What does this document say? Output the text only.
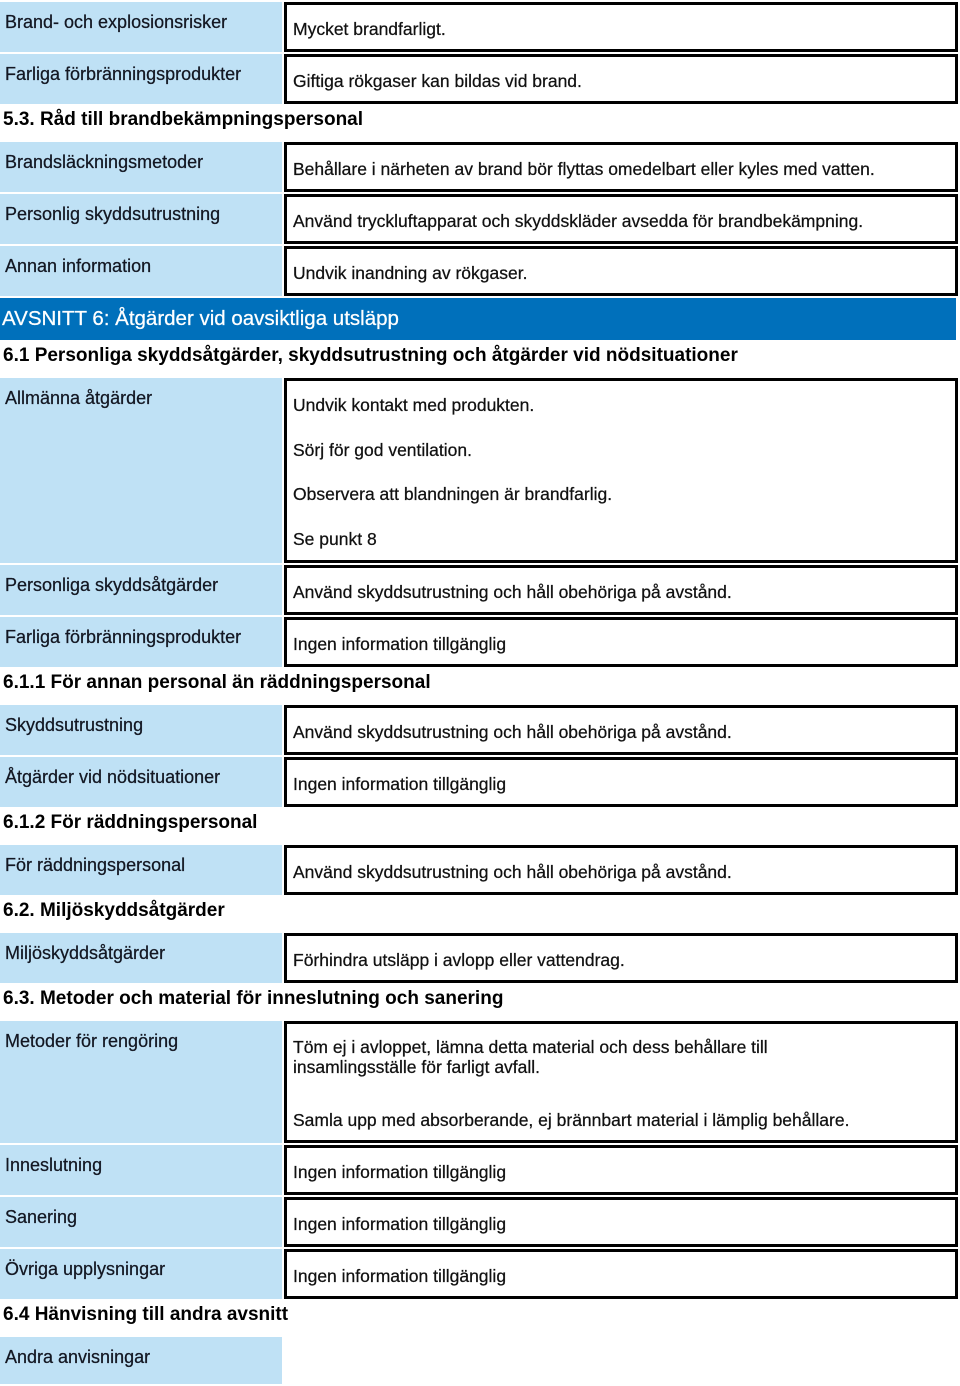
Brand- och explosionsrisker	Mycket brandfarligt.
Farliga förbränningsprodukter	Giftiga rökgaser kan bildas vid brand.
5.3. Råd till brandbekämpningspersonal
Brandsläckningsmetoder	Behållare i närheten av brand bör flyttas omedelbart eller kyles med vatten.
Personlig skyddsutrustning	Använd tryckluftapparat och skyddskläder avsedda för brandbekämpning.
Annan information	Undvik inandning av rökgaser.
AVSNITT 6: Åtgärder vid oavsiktliga utsläpp
6.1 Personliga skyddsåtgärder, skyddsutrustning och åtgärder vid nödsituationer
Allmänna åtgärder	Undvik kontakt med produkten.
Sörj för god ventilation.
Observera att blandningen är brandfarlig.
Se punkt 8
Personliga skyddsåtgärder	Använd skyddsutrustning och håll obehöriga på avstånd.
Farliga förbränningsprodukter	Ingen information tillgänglig
6.1.1 För annan personal än räddningspersonal
Skyddsutrustning	Använd skyddsutrustning och håll obehöriga på avstånd.
Åtgärder vid nödsituationer	Ingen information tillgänglig
6.1.2 För räddningspersonal
För räddningspersonal	Använd skyddsutrustning och håll obehöriga på avstånd.
6.2. Miljöskyddsåtgärder
Miljöskyddsåtgärder	Förhindra utsläpp i avlopp eller vattendrag.
6.3. Metoder och material för inneslutning och sanering
Metoder för rengöring	Töm ej i avloppet, lämna detta material och dess behållare till insamlingsställe för farligt avfall.
Samla upp med absorberande, ej brännbart material i lämplig behållare.
Inneslutning	Ingen information tillgänglig
Sanering	Ingen information tillgänglig
Övriga upplysningar	Ingen information tillgänglig
6.4 Hänvisning till andra avsnitt
Andra anvisningar
